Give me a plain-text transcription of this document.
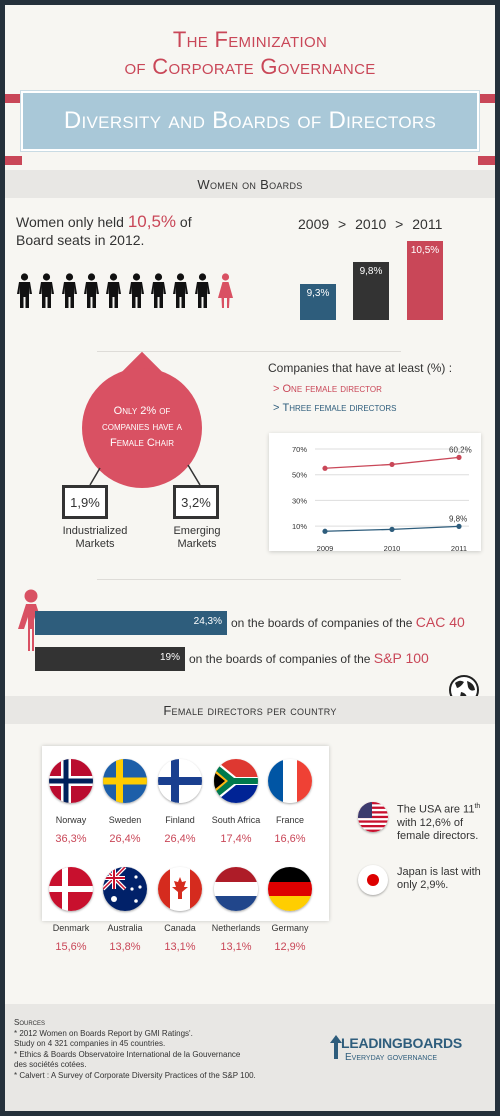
The Feminization
of Corporate Governance
Diversity and Boards of Directors
Women on Boards
Women only held 10,5% of
Board seats in 2012.
2009 > 2010 > 2011
9,3%
9,8%
10,5%
Only 2% of
companies have a
Female Chair
1,9%	3,2%
Industrialized
Markets
Emerging
Markets
Companies that have at least (%) :
> One female director
> Three female directors
10%
30%
50%
70%
2009	2010	2011
60,2%
9,8%
24,3% on the boards of companies of the CAC 40
19% on the boards of companies of the S&P 100
Female directors per country
Norway
36,3%
Sweden
26,4%
Finland
26,4%
South Africa
17,4%
France
16,6%
Denmark
15,6%
Australia
13,8%
Canada
13,1%
Netherlands
13,1%
Germany
12,9%
The USA are 11th
with 12,6% of
female directors.
Japan is last with
only 2,9%.
Sources
* 2012 Women on Boards Report by GMI Ratings'.
Study on 4 321 companies in 45 countries.
* Ethics & Boards Observatoire International de la Gouvernance
des sociétés cotées.
* Calvert : A Survey of Corporate Diversity Practices of the S&P 100.
LEADINGBOARDS
Everyday governance
